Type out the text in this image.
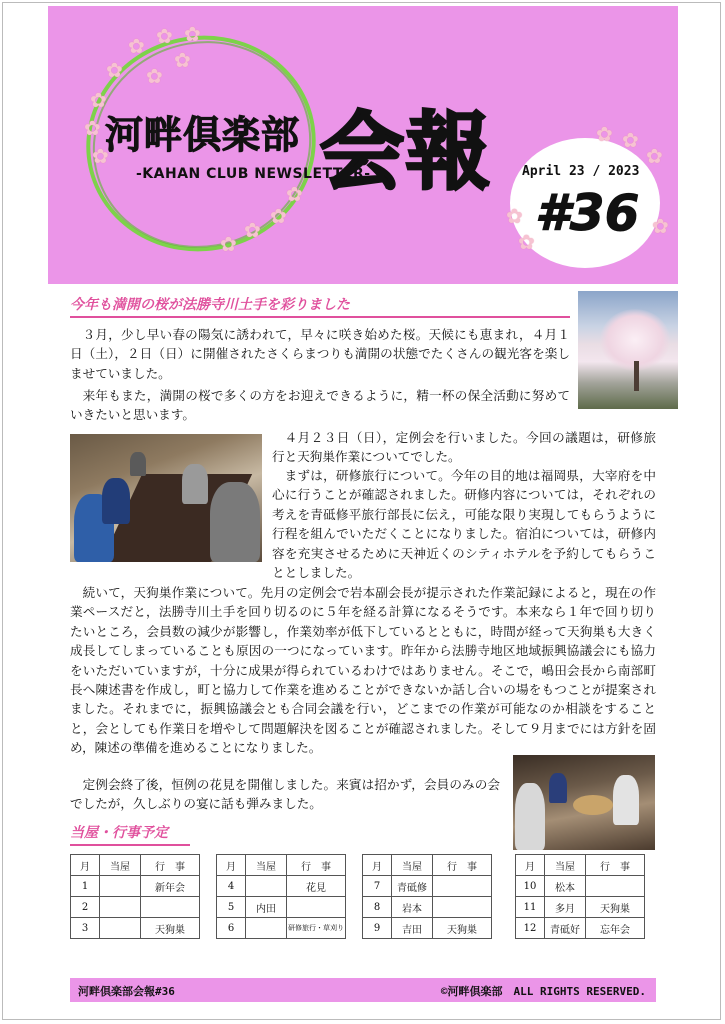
✿
✿ ✿ ✿
✿
✿
✿
✿
✿
✿
✿
✿
✿
河畔倶楽部
-KAHAN CLUB NEWSLETTER-
会報	✿ ✿
✿
✿
✿
✿
April 23 / 2023
#36
今年も満開の桜が法勝寺川土手を彩りました

３月，少し早い春の陽気に誘われて，早々に咲き始めた桜。天候にも恵まれ，４月１日（土），２日（日）に開催されたさくらまつりも満開の状態でたくさんの観光客を楽しませていました。

来年もまた，満開の桜で多くの方をお迎えできるように，精一杯の保全活動に努めていきたいと思います。

４月２３日（日），定例会を行いました。今回の議題は，研修旅行と天狗巣作業についてでした。

まずは，研修旅行について。今年の目的地は福岡県，大宰府を中心に行うことが確認されました。研修内容については，それぞれの考えを青砥修平旅行部長に伝え，可能な限り実現してもらうように行程を組んでいただくことになりました。宿泊については，研修内容を充実させるために天神近くのシティホテルを予約してもらうこととしました。

続いて，天狗巣作業について。先月の定例会で岩本副会長が提示された作業記録によると，現在の作業ペースだと，法勝寺川土手を回り切るのに５年を経る計算になるそうです。本来なら１年で回り切りたいところ，会員数の減少が影響し，作業効率が低下しているとともに，時間が経って天狗巣も大きく成長してしまっていることも原因の一つになっています。昨年から法勝寺地区地域振興協議会にも協力をいただいていますが，十分に成果が得られているわけではありません。そこで，嶋田会長から南部町長へ陳述書を作成し，町と協力して作業を進めることができないか話し合いの場をもつことが提案されました。それまでに，振興協議会とも合同会議を行い，どこまでの作業が可能なのか相談をすることと，会としても作業日を増やして問題解決を図ることが確認されました。そして９月までには方針を固め，陳述の準備を進めることになりました。

定例会終了後，恒例の花見を開催しました。来賓は招かず，会員のみの会でしたが，久しぶりの宴に話も弾みました。

当屋・行事予定
月	当屋	行　事
1		新年会
2		
3		天狗巣
月	当屋	行　事
4		花見
5	内田	
6		研修旅行・草刈り
月	当屋	行　事
7	青砥修	
8	岩本	
9	吉田	天狗巣
月	当屋	行　事
10	松本	
11	多月	天狗巣
12	青砥好	忘年会
河畔倶楽部会報#36	©河畔倶楽部　ALL RIGHTS RESERVED.
